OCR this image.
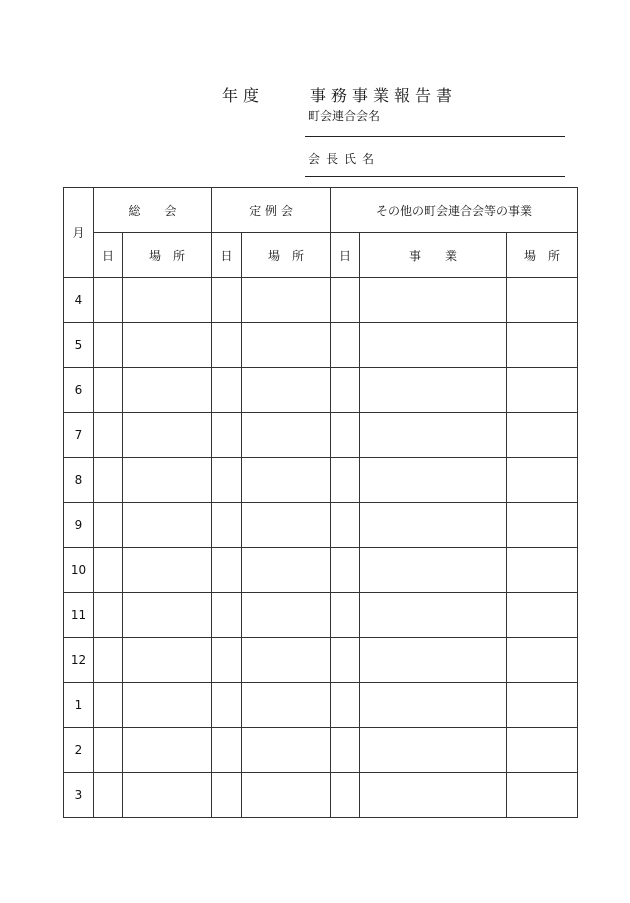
年度	事務事業報告書
町会連合会名
会長氏名
月	総　　会		定 例 会		その他の町会連合会等の事業		
	日	場　所	日	場　所	日	事　　業	場　所
4							
5							
6							
7							
8							
9							
10							
11							
12							
1							
2							
3							
